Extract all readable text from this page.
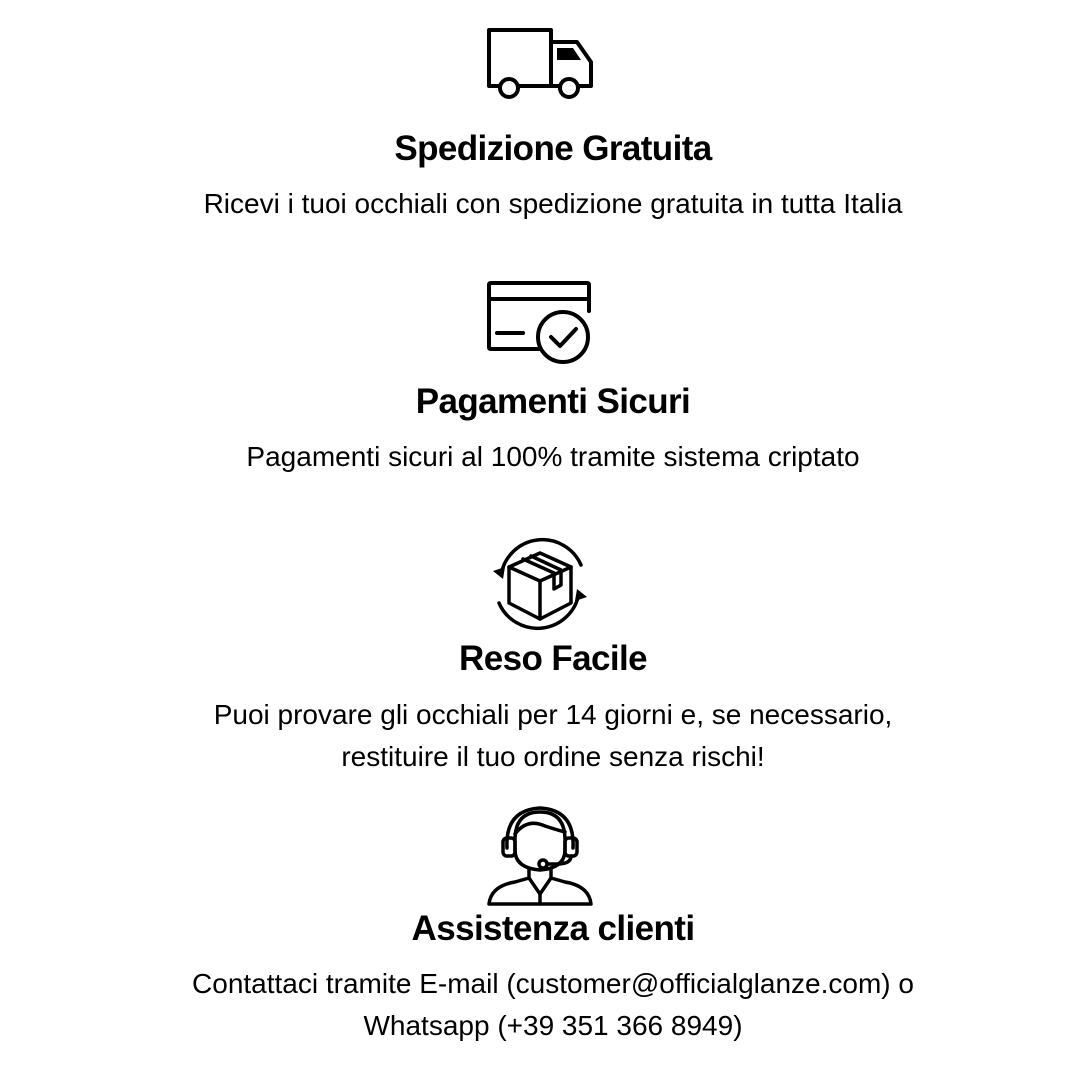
Spedizione Gratuita
Ricevi i tuoi occhiali con spedizione gratuita in tutta Italia
Pagamenti Sicuri
Pagamenti sicuri al 100% tramite sistema criptato
Reso Facile
Puoi provare gli occhiali per 14 giorni e, se necessario,
restituire il tuo ordine senza rischi!
Assistenza clienti
Contattaci tramite E-mail (customer@officialglanze.com) o
Whatsapp (+39 351 366 8949)
